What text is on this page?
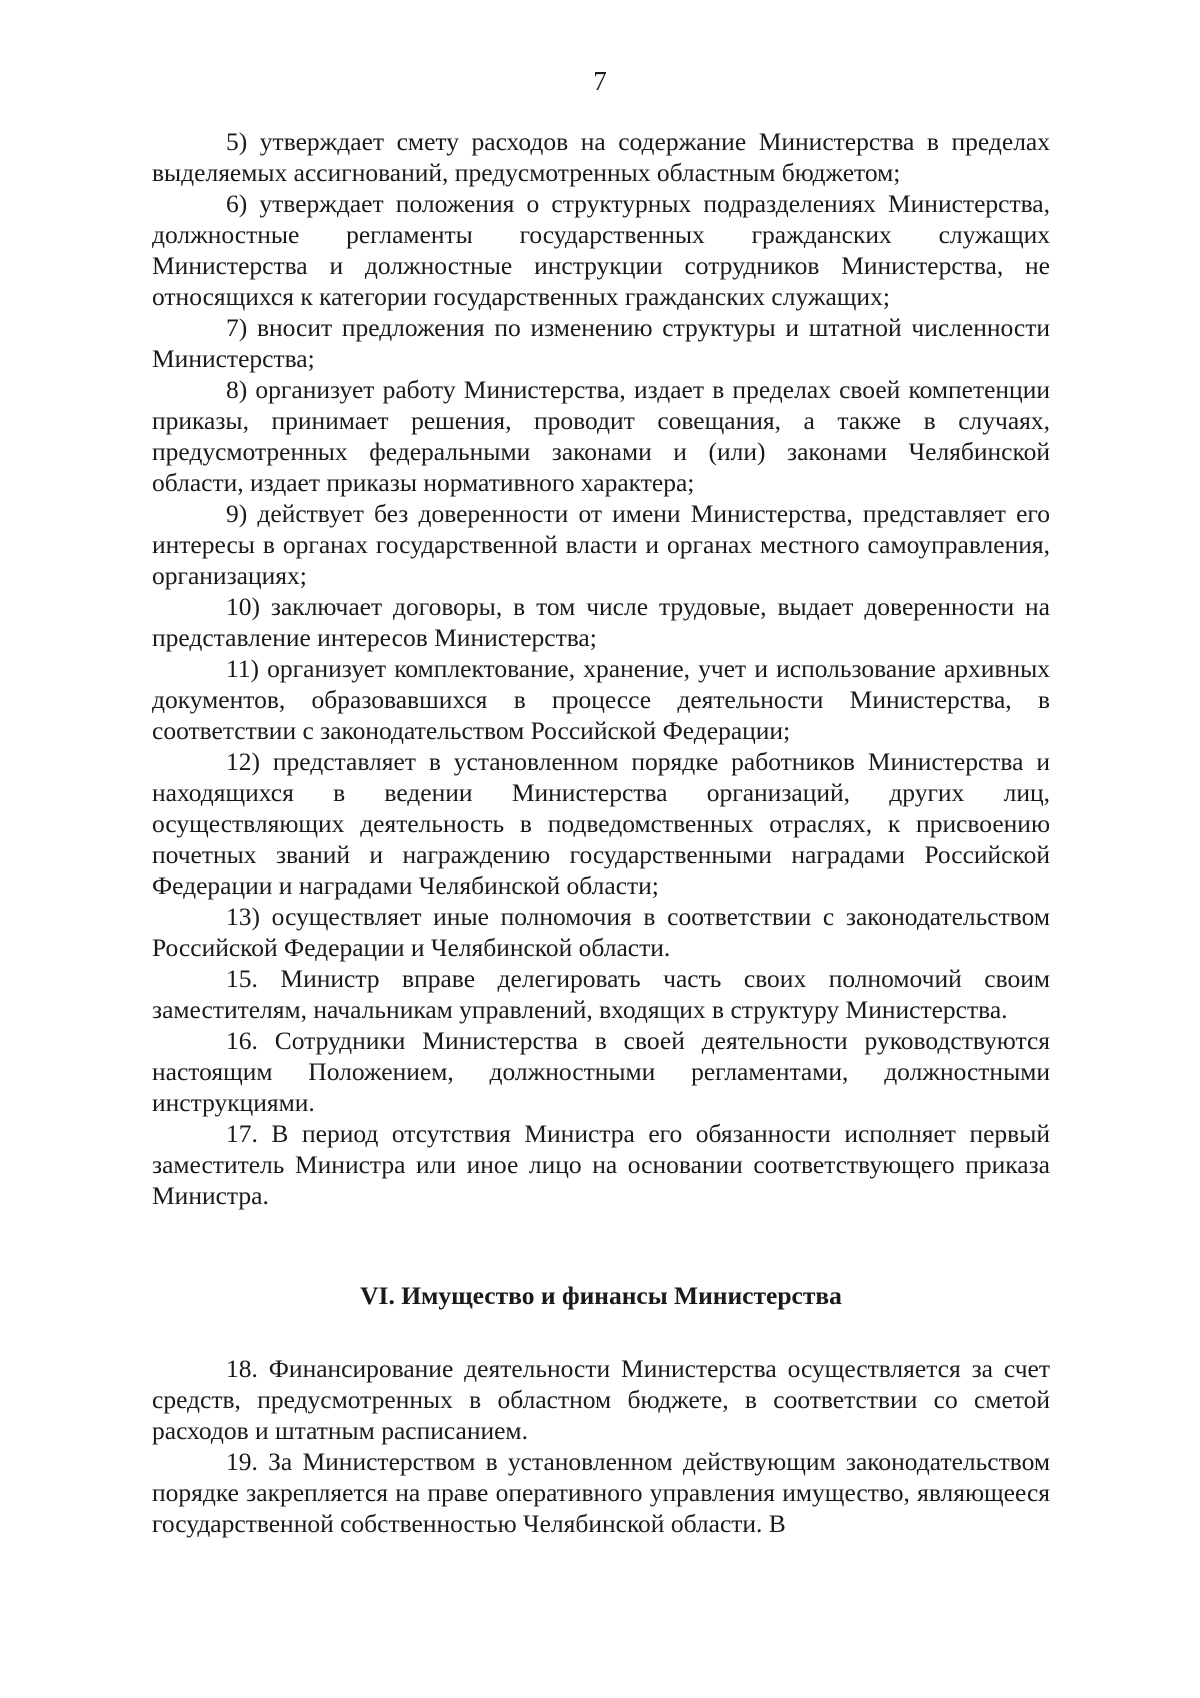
7

5) утверждает смету расходов на содержание Министерства в пределах выделяемых ассигнований, предусмотренных областным бюджетом;

6) утверждает положения о структурных подразделениях Министерства, должностные регламенты государственных гражданских служащих Министерства и должностные инструкции сотрудников Министерства, не относящихся к категории государственных гражданских служащих;

7) вносит предложения по изменению структуры и штатной численности Министерства;

8) организует работу Министерства, издает в пределах своей компетенции приказы, принимает решения, проводит совещания, а также в случаях, предусмотренных федеральными законами и (или) законами Челябинской области, издает приказы нормативного характера;

9) действует без доверенности от имени Министерства, представляет его интересы в органах государственной власти и органах местного самоуправления, организациях;

10) заключает договоры, в том числе трудовые, выдает доверенности на представление интересов Министерства;

11) организует комплектование, хранение, учет и использование архивных документов, образовавшихся в процессе деятельности Министерства, в соответствии с законодательством Российской Федерации;

12) представляет в установленном порядке работников Министерства и находящихся в ведении Министерства организаций, других лиц, осуществляющих деятельность в подведомственных отраслях, к присвоению почетных званий и награждению государственными наградами Российской Федерации и наградами Челябинской области;

13) осуществляет иные полномочия в соответствии с законодательством Российской Федерации и Челябинской области.

15. Министр вправе делегировать часть своих полномочий своим заместителям, начальникам управлений, входящих в структуру Министерства.

16. Сотрудники Министерства в своей деятельности руководствуются настоящим Положением, должностными регламентами, должностными инструкциями.

17. В период отсутствия Министра его обязанности исполняет первый заместитель Министра или иное лицо на основании соответствующего приказа Министра.

VI. Имущество и финансы Министерства

18. Финансирование деятельности Министерства осуществляется за счет средств, предусмотренных в областном бюджете, в соответствии со сметой расходов и штатным расписанием.

19. За Министерством в установленном действующим законодательством порядке закрепляется на праве оперативного управления имущество, являющееся государственной собственностью Челябинской области. В
